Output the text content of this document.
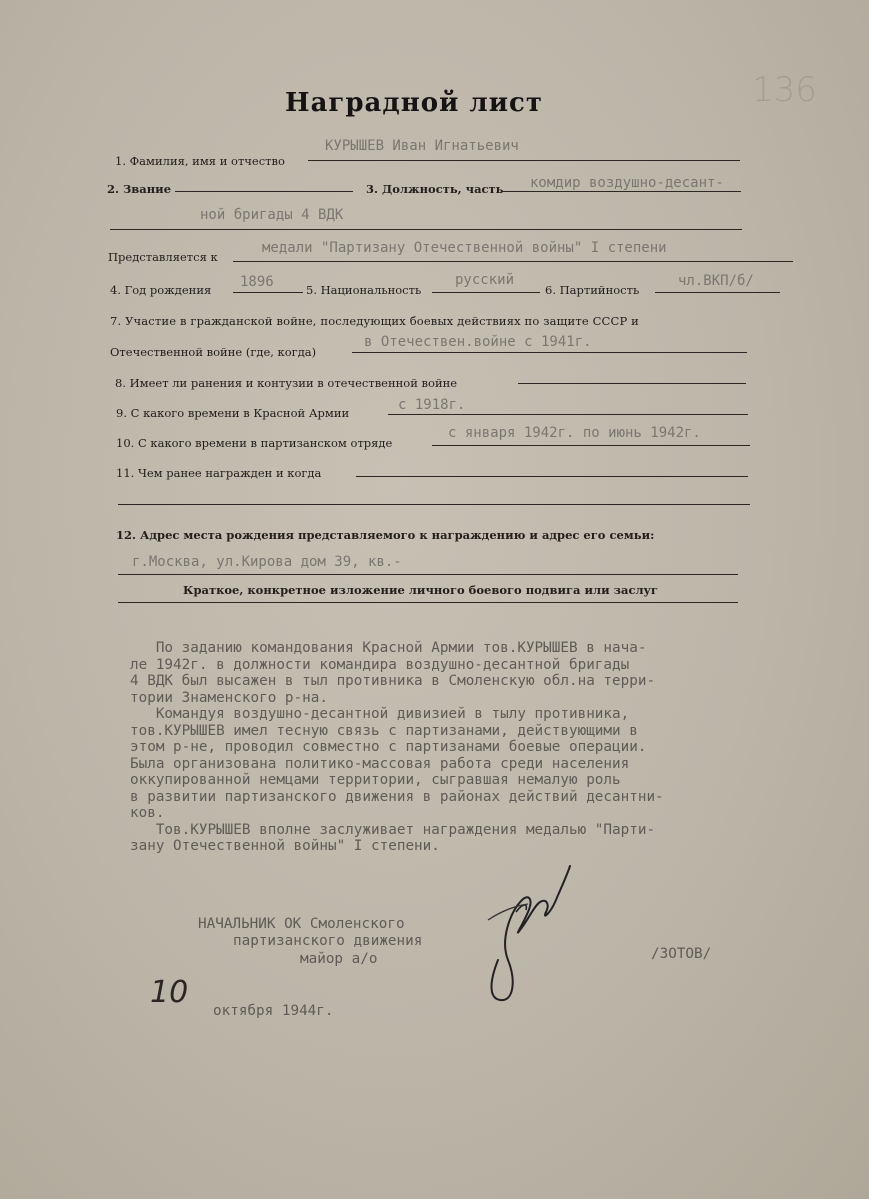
136
Наградной лист
1. Фамилия, имя и отчество
КУРЫШЕВ Иван Игнатьевич
2. Звание	3. Должность, часть комдир воздушно-десант-
ной бригады 4 ВДК
Представляется к
медали "Партизану Отечественной войны" I степени
4. Год рождения 1896	5. Национальность
русский
6. Партийность
чл.ВКП/б/
7. Участие в гражданской войне, последующих боевых действиях по защите СССР и
Отечественной войне (где, когда)
в Отечествен.войне с 1941г.
8. Имеет ли ранения и контузии в отечественной войне
9. С какого времени в Красной Армии	с 1918г.
10. С какого времени в партизанском отряде
с января 1942г. по июнь 1942г.
11. Чем ранее награжден и когда
12. Адрес места рождения представляемого к награждению и адрес его семьи:
г.Москва, ул.Кирова дом 39, кв.-
Краткое, конкретное изложение личного боевого подвига или заслуг
По заданию командования Красной Армии тов.КУРЫШЕВ в нача-
ле 1942г. в должности командира воздушно-десантной бригады
4 ВДК был высажен в тыл противника в Смоленскую обл.на терри-
тории Знаменского р-на.
Командуя воздушно-десантной дивизией в тылу противника,
тов.КУРЫШЕВ имел тесную связь с партизанами, действующими в
этом р-не, проводил совместно с партизанами боевые операции.
Была организована политико-массовая работа среди населения
оккупированной немцами территории, сыгравшая немалую роль
в развитии партизанского движения в районах действий десантни-
ков.
Тов.КУРЫШЕВ вполне заслуживает награждения медалью "Парти-
зану Отечественной войны" I степени.
НАЧАЛЬНИК ОК Смоленского
партизанского движения
майор а/о	/ЗОТОВ/
10
октября 1944г.
